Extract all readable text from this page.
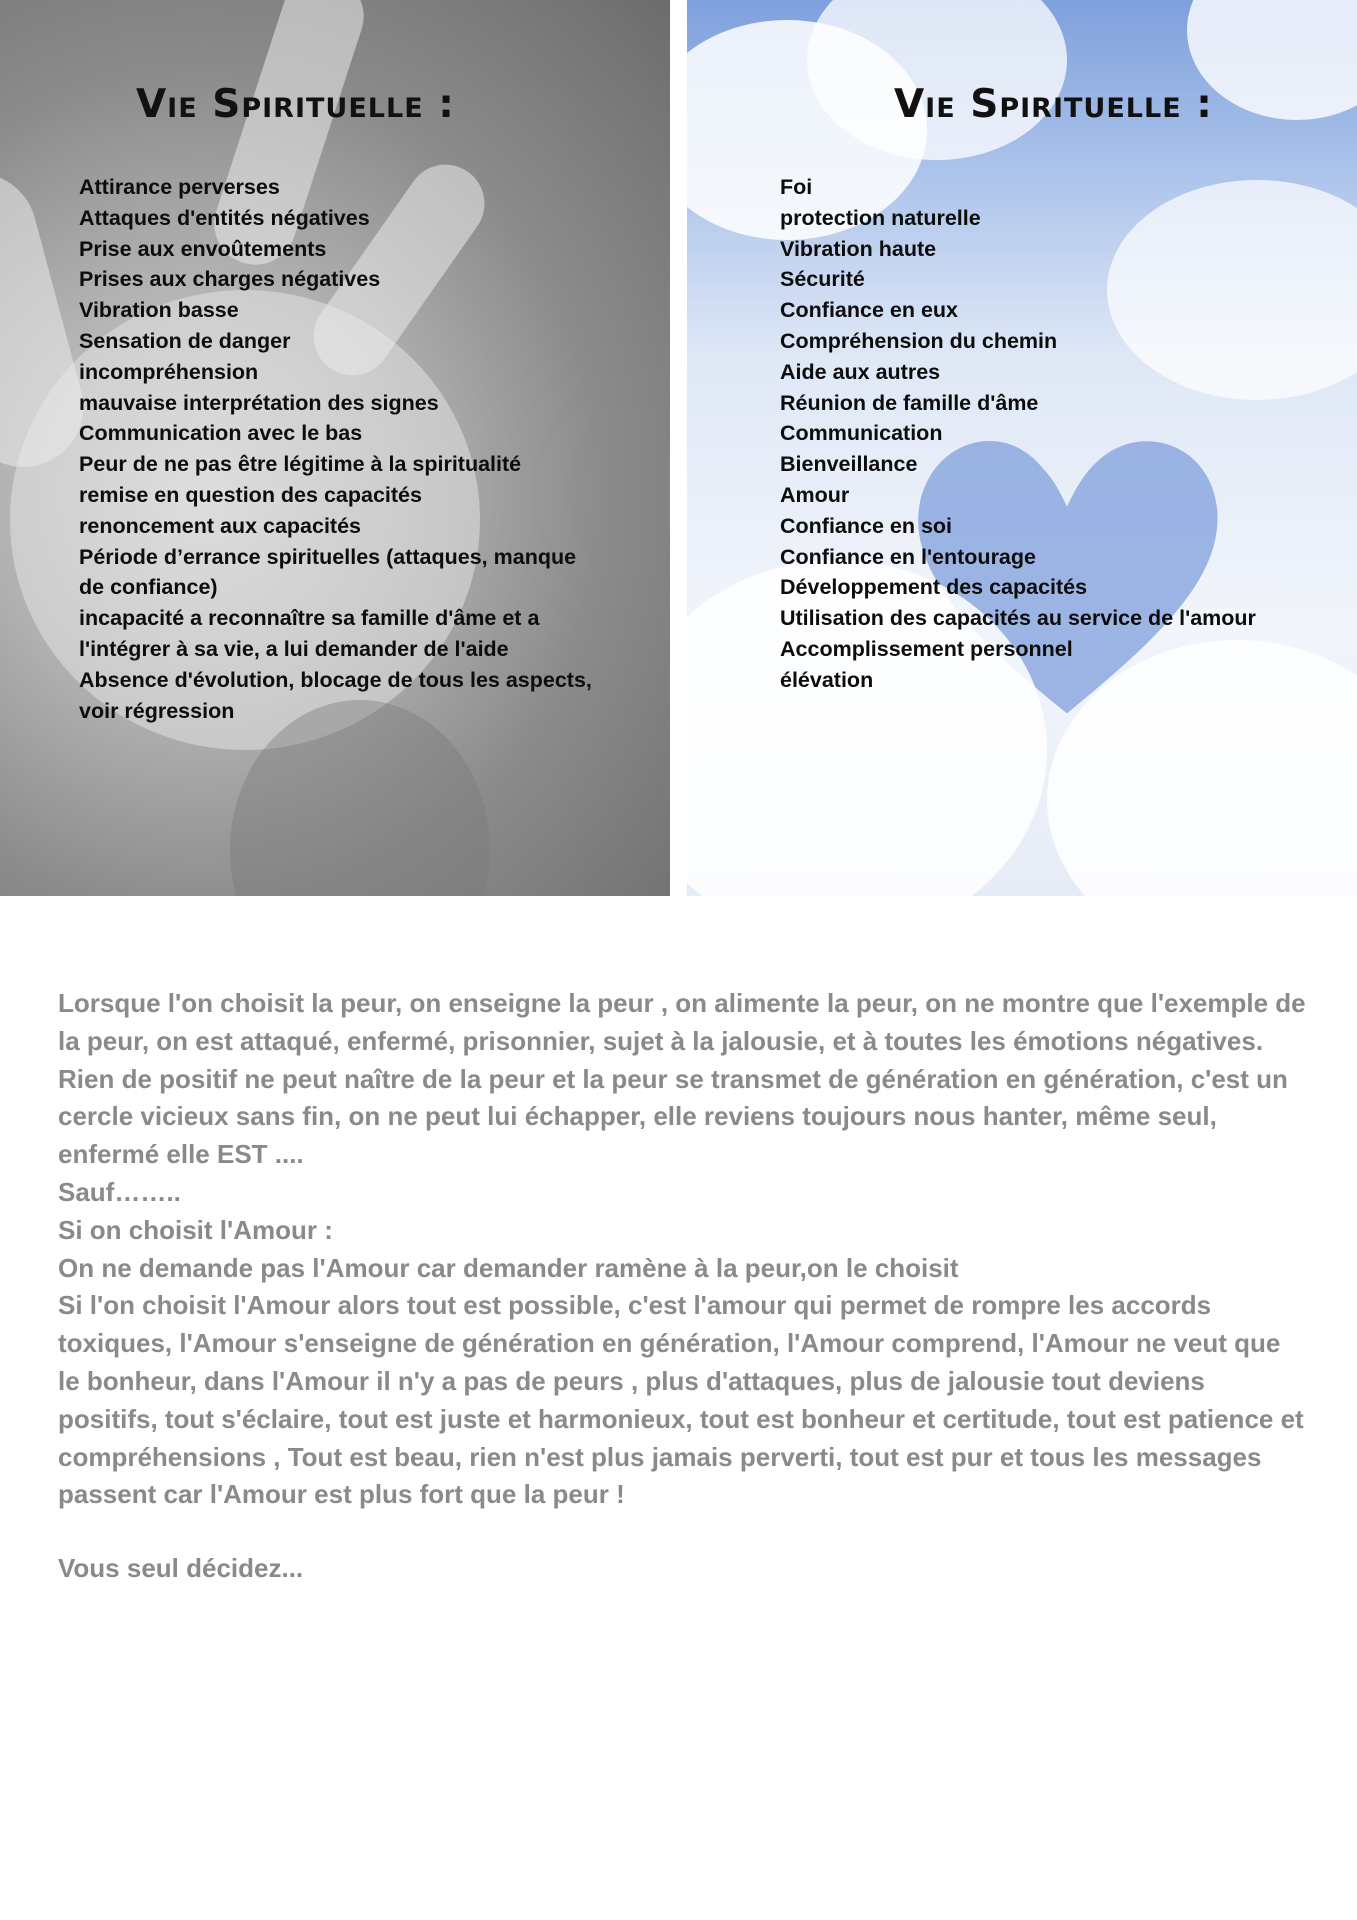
Vie Spirituelle :
Attirance perverses
Attaques d'entités négatives
Prise aux envoûtements
Prises aux charges négatives
Vibration basse
Sensation de danger
incompréhension
mauvaise interprétation des signes
Communication avec le bas
Peur de ne pas être légitime à la spiritualité
remise en question des capacités
renoncement aux capacités
Période d’errance spirituelles (attaques, manque de confiance)
incapacité a reconnaître sa famille d'âme et a l'intégrer à sa vie, a lui demander de l'aide
Absence d'évolution, blocage de tous les aspects, voir régression
Vie Spirituelle :
Foi
protection naturelle
Vibration haute
Sécurité
Confiance en eux
Compréhension du chemin
Aide aux autres
Réunion de famille d'âme
Communication
Bienveillance
Amour
Confiance en soi
Confiance en l'entourage
Développement des capacités
Utilisation des capacités au service de l'amour
Accomplissement personnel
élévation

Lorsque l'on choisit la peur, on enseigne la peur , on alimente la peur, on ne montre que l'exemple de la peur, on est attaqué, enfermé, prisonnier, sujet à la jalousie, et à toutes les émotions négatives. Rien de positif ne peut naître de la peur et la peur se transmet de génération en génération, c'est un cercle vicieux sans fin, on ne peut lui échapper, elle reviens toujours nous hanter, même seul, enfermé elle EST ....

Sauf……..

Si on choisit l'Amour :

On ne demande pas l'Amour car demander ramène à la peur,on le choisit

Si l'on choisit l'Amour alors tout est possible, c'est l'amour qui permet de rompre les accords toxiques, l'Amour s'enseigne de génération en génération, l'Amour comprend, l'Amour ne veut que le bonheur, dans l'Amour il n'y a pas de peurs , plus d'attaques, plus de jalousie tout deviens positifs, tout s'éclaire, tout est juste et harmonieux, tout est bonheur et certitude, tout est patience et compréhensions , Tout est beau, rien n'est plus jamais perverti, tout est pur et tous les messages passent car l'Amour est plus fort que la peur !

Vous seul décidez...
